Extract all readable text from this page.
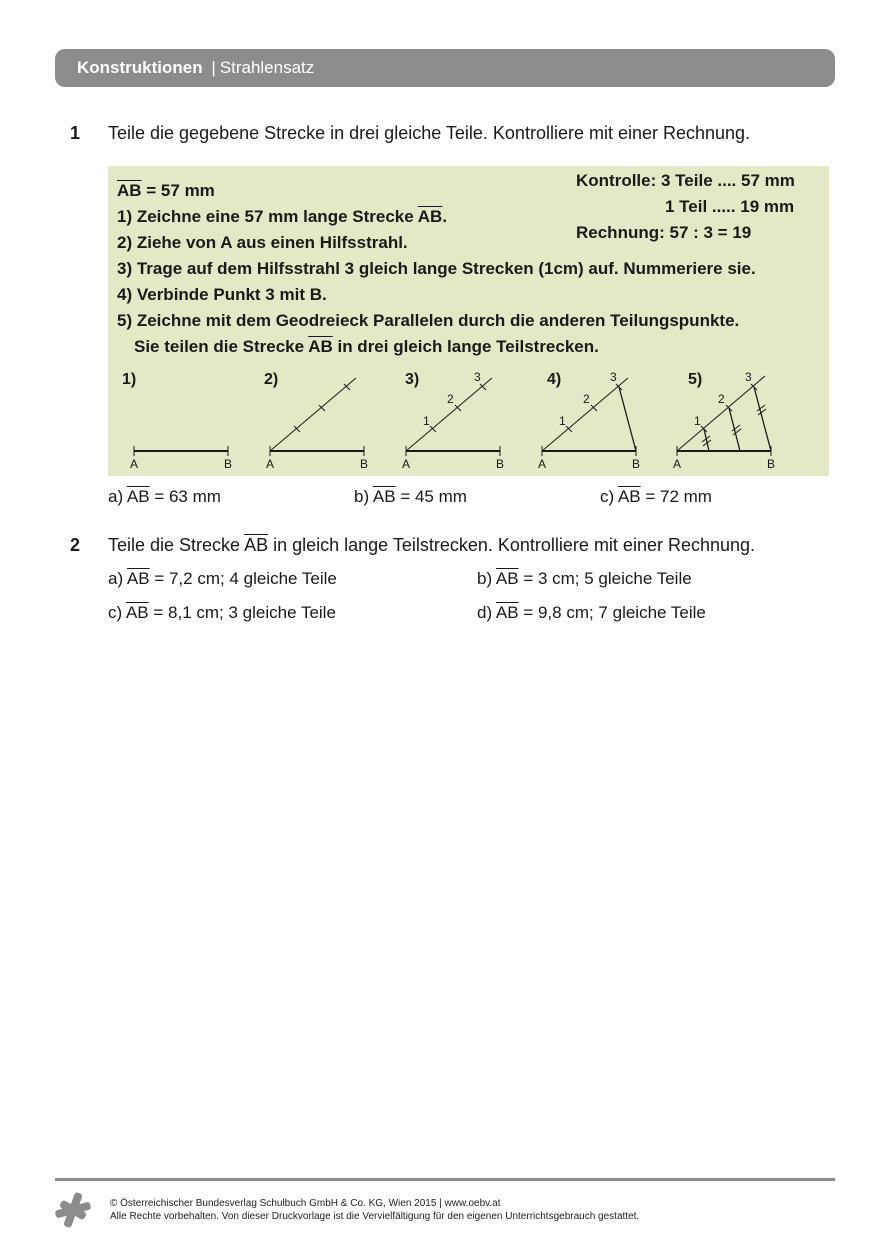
Konstruktionen | Strahlensatz
1 Teile die gegebene Strecke in drei gleiche Teile. Kontrolliere mit einer Rechnung.
$\overline{AB} = 57$ mm
1) Zeichne eine 57 mm lange Strecke $\overline{AB}$.
2) Ziehe von A aus einen Hilfsstrahl.
3) Trage auf dem Hilfsstrahl 3 gleich lange Strecken (1cm) auf. Nummeriere sie.
4) Verbinde Punkt 3 mit B.
5) Zeichne mit dem Geodreieck Parallelen durch die anderen Teilungspunkte.
Sie teilen die Strecke $\overline{AB}$ in drei gleich lange Teilstrecken.
Kontrolle: 3 Teile .... 57 mm
1 Teil ..... 19 mm
Rechnung: 57 : 3 = 19
1)	2)	3)	4)	5)
A	B	A	B	A	B
1
2
3
A	B
1
2
3
A	B
1
2
3
a) $\overline{AB} = 63$ mm	b) $\overline{AB} = 45$ mm	c) $\overline{AB} = 72$ mm
2 Teile die Strecke $\overline{AB}$ in gleich lange Teilstrecken. Kontrolliere mit einer Rechnung.
a) $\overline{AB} = 7,2$ cm; 4 gleiche Teile	b) $\overline{AB} = 3$ cm; 5 gleiche Teile
c) $\overline{AB} = 8,1$ cm; 3 gleiche Teile	d) $\overline{AB} = 9,8$ cm; 7 gleiche Teile
© Österreichischer Bundesverlag Schulbuch GmbH & Co. KG, Wien 2015 | www.oebv.at
Alle Rechte vorbehalten. Von dieser Druckvorlage ist die Vervielfältigung für den eigenen Unterrichtsgebrauch gestattet.
